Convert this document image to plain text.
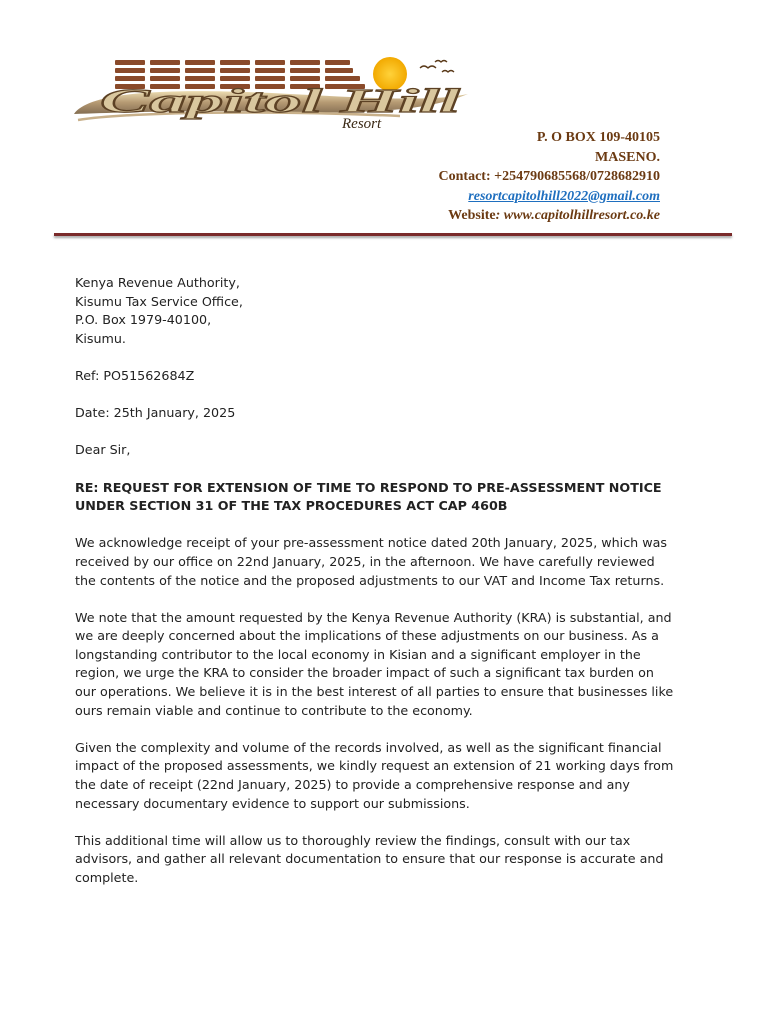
Capitol Hill
Resort
P. O BOX 109-40105
MASENO.
Contact: +254790685568/0728682910
resortcapitolhill2022@gmail.com
Website: www.capitolhillresort.co.ke

Kenya Revenue Authority,
Kisumu Tax Service Office,
P.O. Box 1979-40100,
Kisumu.

Ref: PO51562684Z

Date: 25th January, 2025

Dear Sir,

RE: REQUEST FOR EXTENSION OF TIME TO RESPOND TO PRE-ASSESSMENT NOTICE UNDER SECTION 31 OF THE TAX PROCEDURES ACT CAP 460B

We acknowledge receipt of your pre-assessment notice dated 20th January, 2025, which was received by our office on 22nd January, 2025, in the afternoon. We have carefully reviewed the contents of the notice and the proposed adjustments to our VAT and Income Tax returns.

We note that the amount requested by the Kenya Revenue Authority (KRA) is substantial, and we are deeply concerned about the implications of these adjustments on our business. As a longstanding contributor to the local economy in Kisian and a significant employer in the region, we urge the KRA to consider the broader impact of such a significant tax burden on our operations. We believe it is in the best interest of all parties to ensure that businesses like ours remain viable and continue to contribute to the economy.

Given the complexity and volume of the records involved, as well as the significant financial impact of the proposed assessments, we kindly request an extension of 21 working days from the date of receipt (22nd January, 2025) to provide a comprehensive response and any necessary documentary evidence to support our submissions.

This additional time will allow us to thoroughly review the findings, consult with our tax advisors, and gather all relevant documentation to ensure that our response is accurate and complete.
